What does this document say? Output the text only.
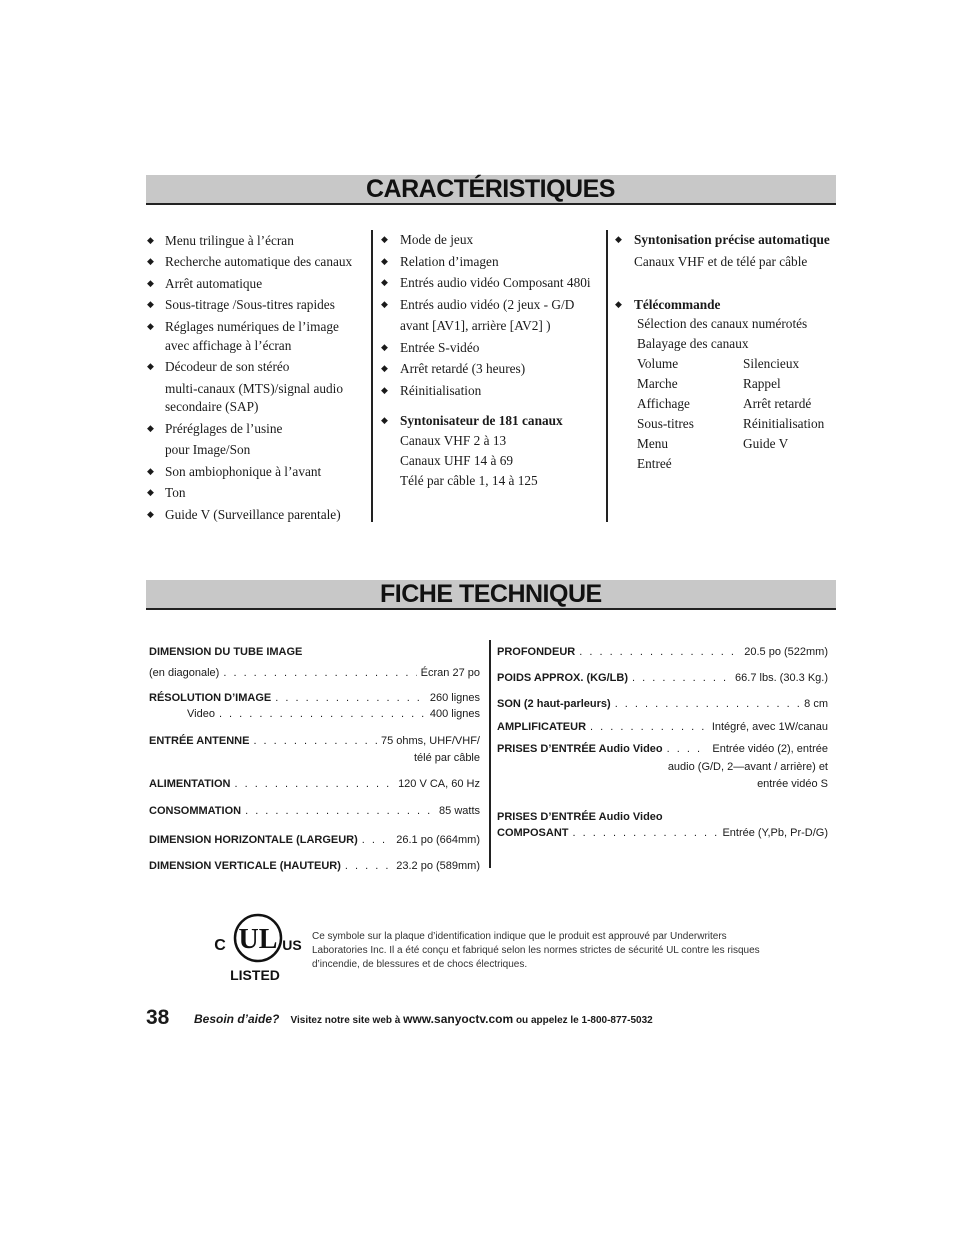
CARACTÉRISTIQUES
◆ Menu trilingue à l’écran
◆ Recherche automatique des canaux
◆ Arrêt automatique
◆ Sous-titrage /Sous-titres rapides
◆ Réglages numériques de l’image
avec affichage à l’écran
◆ Décodeur de son stéréo
multi-canaux (MTS)/signal audio
secondaire (SAP)
◆ Préréglages de l’usine
pour Image/Son
◆ Son ambiophonique à l’avant
◆ Ton
◆ Guide V (Surveillance parentale)
◆ Mode de jeux
◆ Relation d’imagen
◆ Entrés audio vidéo Composant 480i
◆ Entrés audio vidéo (2 jeux - G/D
avant [AV1], arrière [AV2] )
◆ Entrée S-vidéo
◆ Arrêt retardé (3 heures)
◆ Réinitialisation
◆ Syntonisateur de 181 canaux
Canaux VHF 2 à 13
Canaux UHF 14 à 69
Télé par câble 1, 14 à 125
◆ Syntonisation précise automatique
Canaux VHF et de télé par câble
◆ Télécommande
Sélection des canaux numérotés
Balayage des canaux
Volume	Silencieux
Marche	Rappel
Affichage	Arrêt retardé
Sous-titres	Réinitialisation
Menu	Guide V
Entreé
FICHE TECHNIQUE
DIMENSION DU TUBE IMAGE
(en diagonale) . . .	Écran 27 po
RÉSOLUTION D’IMAGE . . .	260 lignes
Video . . .	400 lignes
ENTRÉE ANTENNE . . .	75 ohms, UHF/VHF/
télé par câble
ALIMENTATION . . .	120 V CA, 60 Hz
CONSOMMATION . . .	85 watts
DIMENSION HORIZONTALE (LARGEUR) . . .	26.1 po (664mm)
DIMENSION VERTICALE (HAUTEUR) . . .	23.2 po (589mm)
PROFONDEUR . . .	20.5 po (522mm)
POIDS APPROX. (KG/LB) . . .	66.7 lbs. (30.3 Kg.)
SON (2 haut-parleurs) . . .	8 cm
AMPLIFICATEUR . . .	Intégré, avec 1W/canau
PRISES D’ENTRÉE Audio Video . . .	Entrée vidéo (2), entrée
audio (G/D, 2—avant / arrière) et
entrée vidéo S
PRISES D’ENTRÉE Audio Video
COMPOSANT . . .	Entrée (Y,Pb, Pr-D/G)
UL
C	US
LISTED
Ce symbole sur la plaque d’identification indique que le produit est approuvé par Underwriters Laboratories Inc. Il a été conçu et fabriqué selon les normes strictes de sécurité UL contre les risques d’incendie, de blessures et de chocs électriques.
38 Besoin d’aide? Visitez notre site web à www.sanyoctv.com ou appelez le 1-800-877-5032
